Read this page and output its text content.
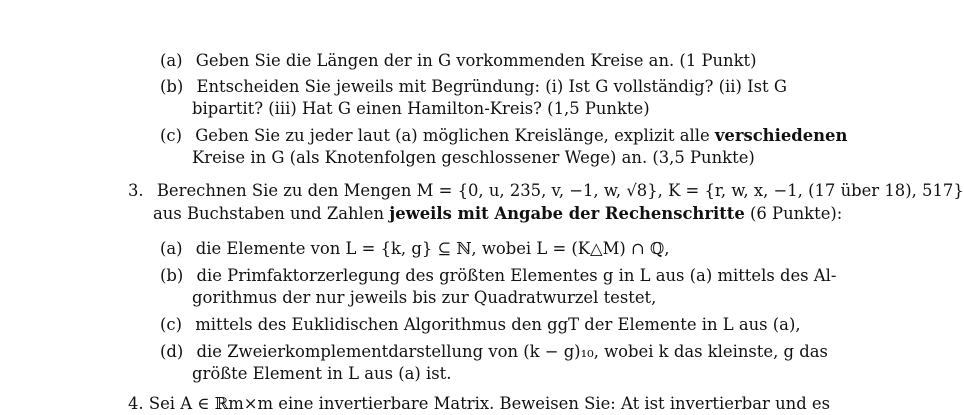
(a) Geben Sie die Längen der in G vorkommenden Kreise an. (1 Punkt)
(b) Entscheiden Sie jeweils mit Begründung: (i) Ist G vollständig? (ii) Ist G
bipartit? (iii) Hat G einen Hamilton-Kreis? (1,5 Punkte)
(c) Geben Sie zu jeder laut (a) möglichen Kreislänge, explizit alle verschiedenen
Kreise in G (als Knotenfolgen geschlossener Wege) an. (3,5 Punkte)
3. Berechnen Sie zu den Mengen M = {0, u, 235, v, −1, w, √8}, K = {r, w, x, −1, (17 über 18), 517}
aus Buchstaben und Zahlen jeweils mit Angabe der Rechenschritte (6 Punkte):
(a) die Elemente von L = {k, g} ⊆ ℕ, wobei L = (K△M) ∩ ℚ,
(b) die Primfaktorzerlegung des größten Elementes g in L aus (a) mittels des Al-
gorithmus der nur jeweils bis zur Quadratwurzel testet,
(c) mittels des Euklidischen Algorithmus den ggT der Elemente in L aus (a),
(d) die Zweierkomplementdarstellung von (k − g)₁₀, wobei k das kleinste, g das
größte Element in L aus (a) ist.
4. Sei A ∈ ℝm×m eine invertierbare Matrix. Beweisen Sie: At ist invertierbar und es
